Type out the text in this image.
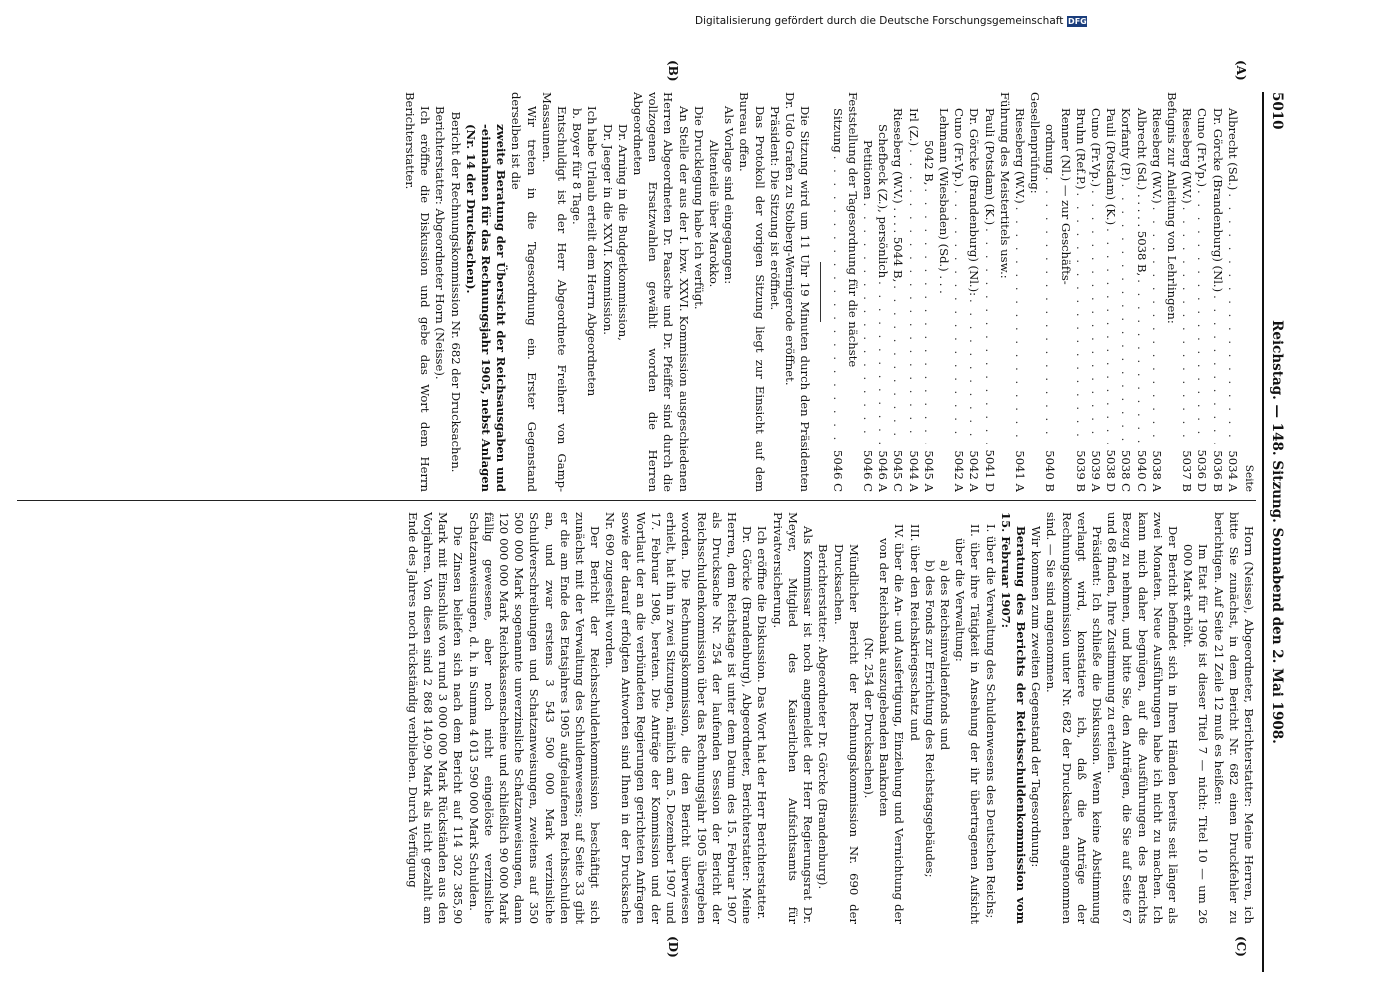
5010
Reichstag. — 148. Sitzung. Sonnabend den 2. Mai 1908.
(A)
(B)
(C)
(D)
Seite
Albrecht (Sd.)
. . .
5034 A
Dr. Görcke (Brandenburg) (Nl.)
. . .
5036 B
Cuno (Fr.Vp.)
. . .
5036 D
Rieseberg (W.V.)
. . .
5037 B
Befugnis zur Anleitung von Lehrlingen:
Rieseberg (W.V.)
. . .
5038 A
Albrecht (Sd.) . . . . . 5038 B,
. . .
5040 C
Korfanty (P.)
. . .
5038 C
Pauli (Potsdam) (K.)
. . .
5038 D
Cuno (Fr.Vp.)
. . .
5039 A
Bruhn (Ref.P.)
. . .
5039 B
Renner (Nl.) — zur Geschäfts-
ordnung
. . .
5040 B
Gesellenprüfung:
Rieseberg (W.V.)
. . .
5041 A
Führung des Meistertitels usw.:
Pauli (Potsdam) (K.)
. . .
5041 D
Dr. Görcke (Brandenburg) (Nl.):
. . .
5042 A
Cuno (Fr.Vp.)
. . .
5042 A
Lehmann (Wiesbaden) (Sd.) . . .
5042 B,
. . .
5045 A
Irl (Z.)
. . .
5044 A
Rieseberg (W.V.) . . . . 5044 B,
. . .
5045 C
Schefbeck (Z.), persönlich
. . .
5046 A
Petitionen
. . .
5046 C
Feststellung der Tagesordnung für die nächste
Sitzung
. . .
5046 C

Die Sitzung wird um 11 Uhr 19 Minuten durch den Präsidenten Dr. Udo Grafen zu Stolberg-Wernigerode eröffnet.

Präsident: Die Sitzung ist eröffnet.

Das Protokoll der vorigen Sitzung liegt zur Einsicht auf dem Bureau offen.

Als Vorlage sind eingegangen:

Altenteile über Marokko.

Die Drucklegung habe ich verfügt.

An Stelle der aus der I. bzw. XXVI. Kommission ausgeschiedenen Herren Abgeordneten Dr. Paasche und Dr. Pfeiffer sind durch die vollzogenen Ersatzwahlen gewählt worden die Herren Abgeordneten

Dr. Arning in die Budgetkommission,

Dr. Jaeger in die XXVI. Kommission.

Ich habe Urlaub erteilt dem Herrn Abgeordneten

b. Boyer für 8 Tage.

Entschuldigt ist der Herr Abgeordnete Freiherr von Gamp-Massaunen.

Wir treten in die Tagesordnung ein. Erster Gegenstand derselben ist die

zweite Beratung der Übersicht der Reichsausgaben und -einnahmen für das Rechnungsjahr 1905, nebst Anlagen (Nr. 14 der Drucksachen).

Bericht der Rechnungskommission Nr. 682 der Drucksachen.

Berichterstatter: Abgeordneter Horn (Neisse).

Ich eröffne die Diskussion und gebe das Wort dem Herrn Berichterstatter.

Horn (Neisse), Abgeordneter, Berichterstatter: Meine Herren, ich bitte Sie zunächst, in dem Bericht Nr. 682 einen Druckfehler zu berichtigen. Auf Seite 21 Zeile 12 muß es heißen:

Im Etat für 1906 ist dieser Titel 7 — nicht: Titel 10 — um 26 000 Mark erhöht.

Der Bericht befindet sich in Ihren Händen bereits seit länger als zwei Monaten. Neue Ausführungen habe ich nicht zu machen. Ich kann mich daher begnügen, auf die Ausführungen des Berichts Bezug zu nehmen, und bitte Sie, den Anträgen, die Sie auf Seite 67 und 68 finden, Ihre Zustimmung zu erteilen.

Präsident: Ich schließe die Diskussion. Wenn keine Abstimmung verlangt wird, konstatiere ich, daß die Anträge der Rechnungskommission unter Nr. 682 der Drucksachen angenommen sind. — Sie sind angenommen.

Wir kommen zum zweiten Gegenstand der Tagesordnung:

Beratung des Berichts der Reichsschuldenkommission vom 15. Februar 1907:

I. über die Verwaltung des Schuldenwesens des Deutschen Reichs;

II. über ihre Tätigkeit in Ansehung der ihr übertragenen Aufsicht über die Verwaltung:

a) des Reichsinvalidenfonds und

b) des Fonds zur Errichtung des Reichstagsgebäudes;

III. über den Reichskriegsschatz und

IV. über die An- und Ausfertigung, Einziehung und Vernichtung der von der Reichsbank auszugebenden Banknoten

(Nr. 254 der Drucksachen).

Mündlicher Bericht der Rechnungskommission Nr. 690 der Drucksachen.

Berichterstatter: Abgeordneter Dr. Görcke (Brandenburg).

Als Kommissar ist noch angemeldet der Herr Regierungsrat Dr. Meyer, Mitglied des Kaiserlichen Aufsichtsamts für Privatversicherung.

Ich eröffne die Diskussion. Das Wort hat der Herr Berichterstatter.

Dr. Görcke (Brandenburg), Abgeordneter, Berichterstatter: Meine Herren, dem Reichstage ist unter dem Datum des 15. Februar 1907 als Drucksache Nr. 254 der laufenden Session der Bericht der Reichsschuldenkommission über das Rechnungsjahr 1905 übergeben worden. Die Rechnungskommission, die den Bericht überwiesen erhielt, hat ihn in zwei Sitzungen, nämlich am 5. Dezember 1907 und 17. Februar 1908, beraten. Die Anträge der Kommission und der Wortlaut der an die verbündeten Regierungen gerichteten Anfragen sowie der darauf erfolgten Antworten sind Ihnen in der Drucksache Nr. 690 zugestellt worden.

Der Bericht der Reichsschuldenkommission beschäftigt sich zunächst mit der Verwaltung des Schuldenwesens; auf Seite 33 gibt er die am Ende des Etatsjahres 1905 aufgelaufenen Reichsschulden an, und zwar erstens 3 543 500 000 Mark verzinsliche Schuldverschreibungen und Schatzanweisungen, zweitens auf 350 500 000 Mark sogenannte unverzinsliche Schatzanweisungen, dann 120 000 000 Mark Reichskassenscheine und schließlich 90 000 Mark fällig gewesene, aber noch nicht eingelöste verzinsliche Schatzanweisungen, d. h. in Summa 4 013 590 000 Mark Schulden.

Die Zinsen beliefen sich nach dem Bericht auf 114 302 385,90 Mark mit Einschluß von rund 3 000 000 Mark Rückständen aus den Vorjahren. Von diesen sind 2 868 140,90 Mark als nicht gezahlt am Ende des Jahres noch rückständig verblieben. Durch Verfügung

Digitalisierung gefördert durch die Deutsche Forschungsgemeinschaft DFG
